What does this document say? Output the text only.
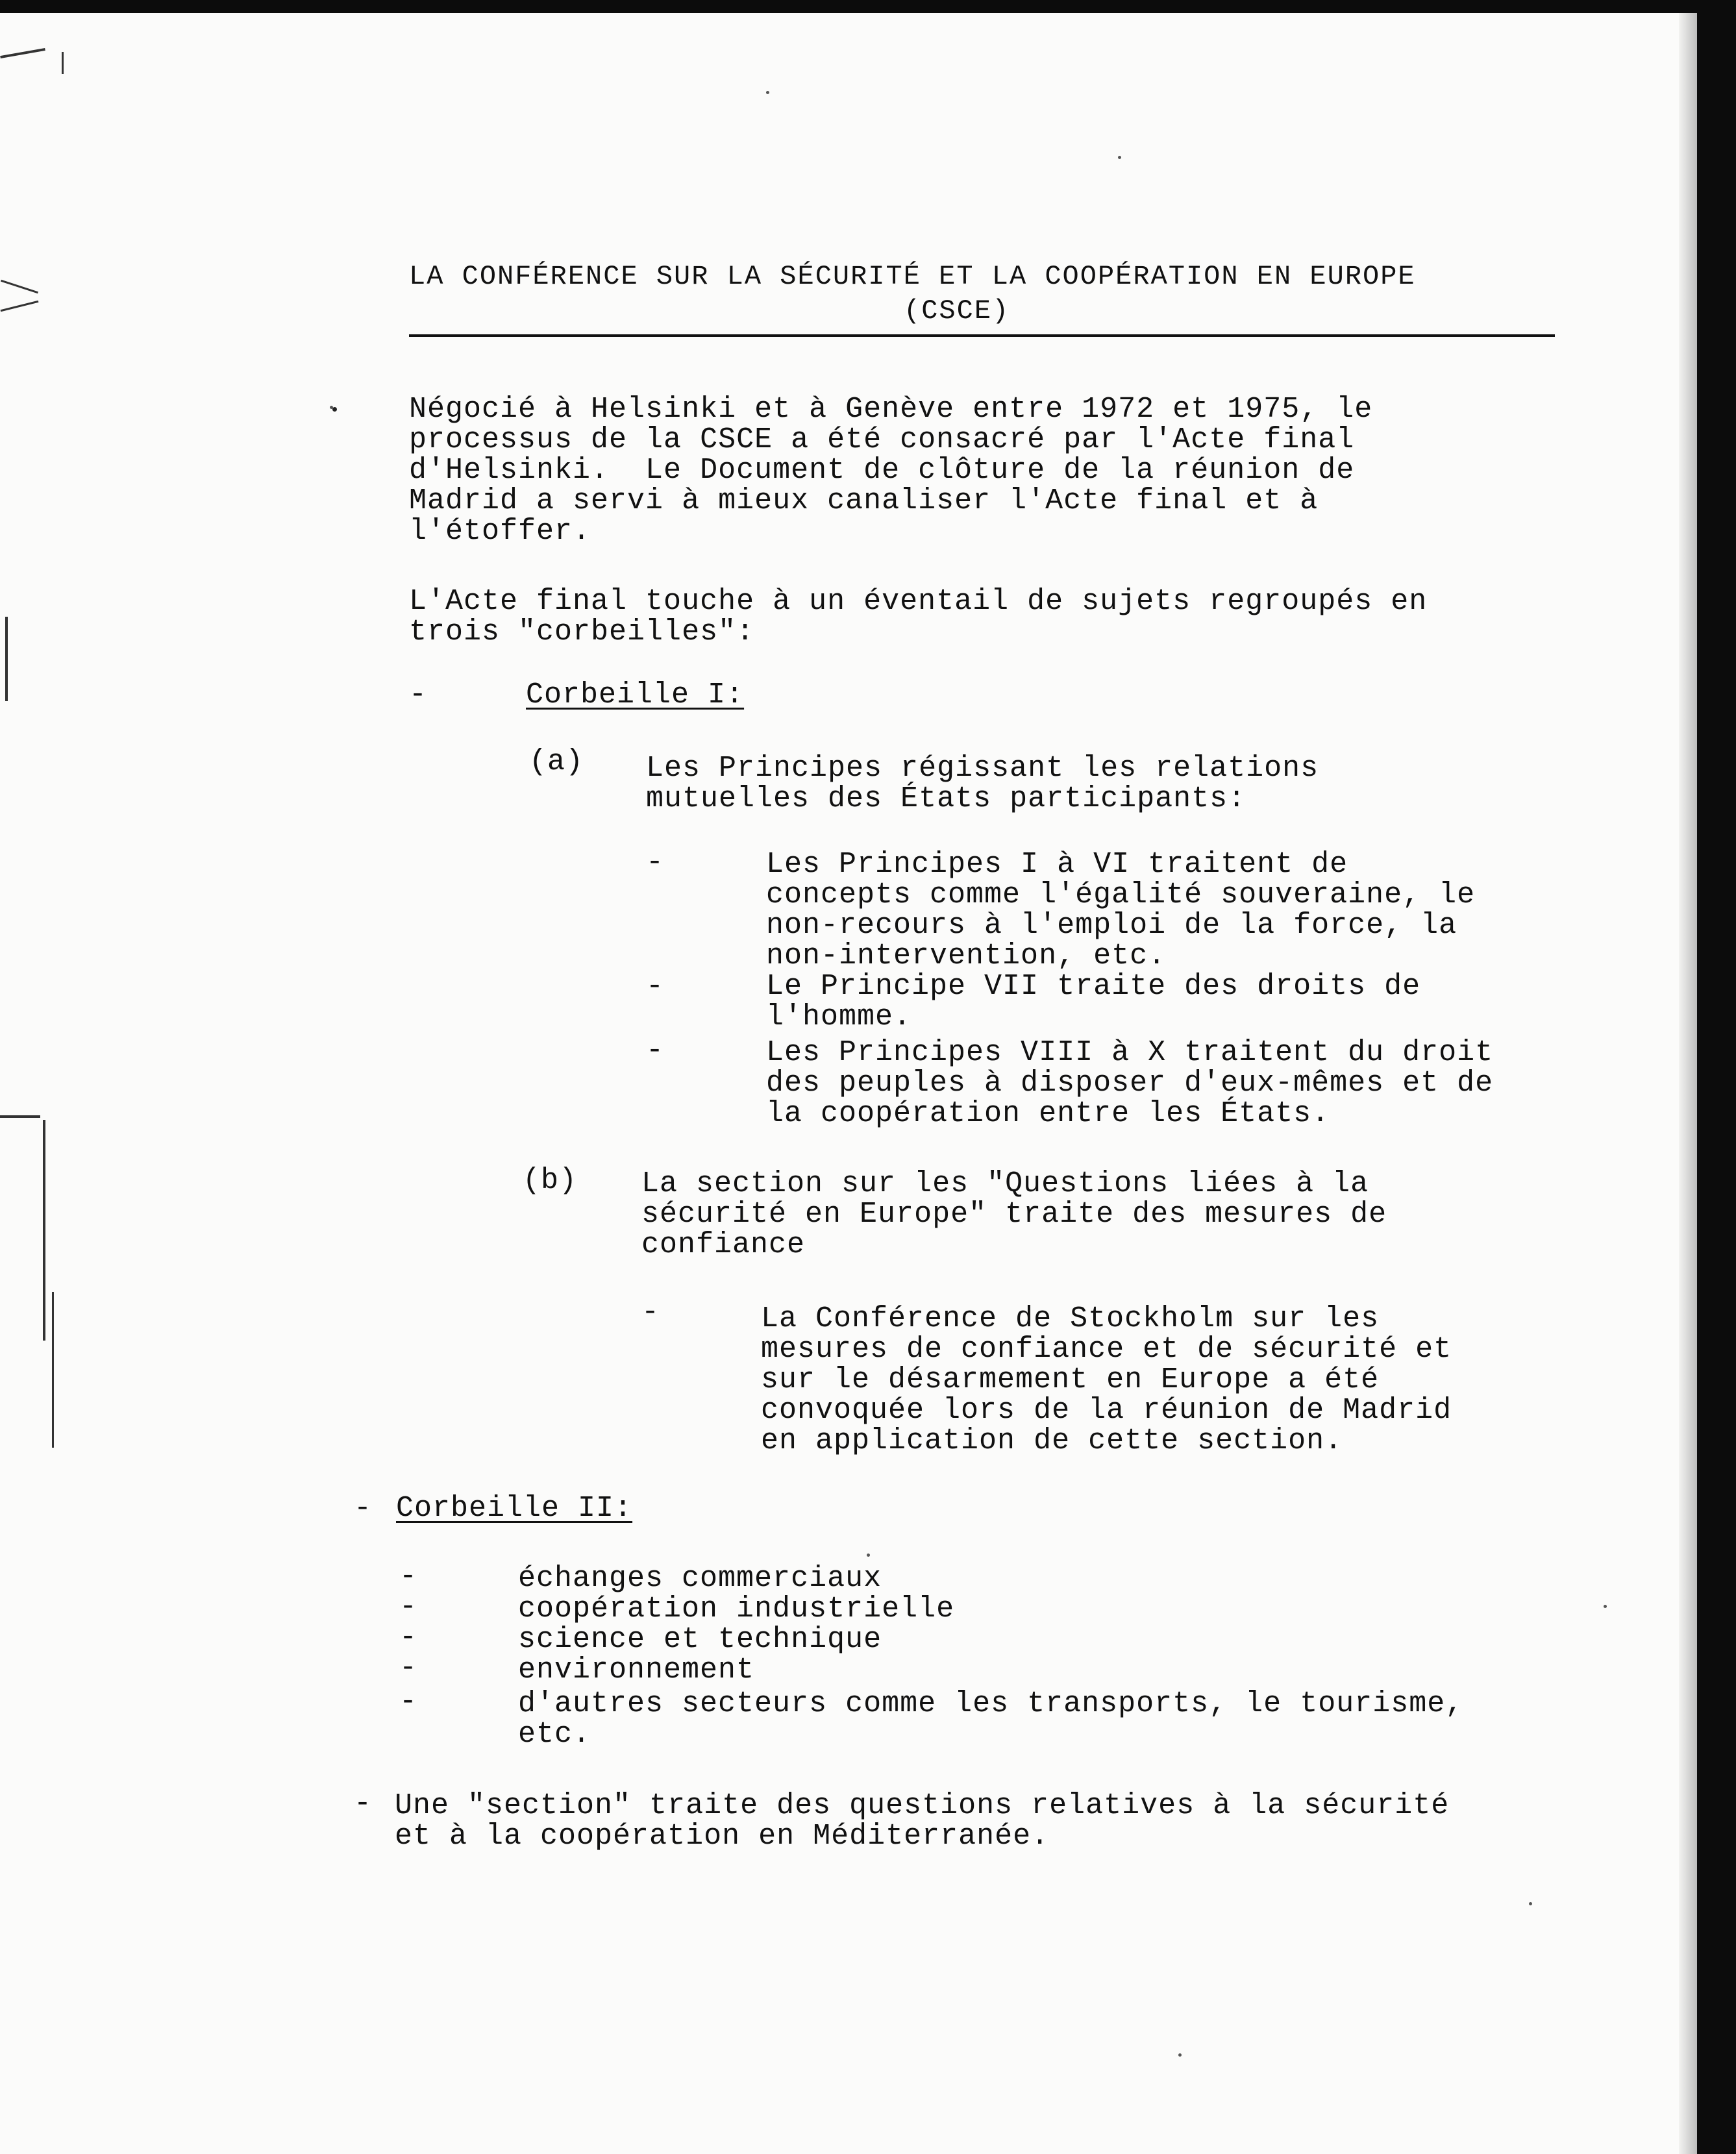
LA CONFÉRENCE SUR LA SÉCURITÉ ET LA COOPÉRATION EN EUROPE
(CSCE)
Négocié à Helsinki et à Genève entre 1972 et 1975, le
processus de la CSCE a été consacré par l'Acte final
d'Helsinki.  Le Document de clôture de la réunion de
Madrid a servi à mieux canaliser l'Acte final et à
l'étoffer.
L'Acte final touche à un éventail de sujets regroupés en
trois "corbeilles":
-	Corbeille I:
(a) Les Principes régissant les relations
mutuelles des États participants:
-	Les Principes I à VI traitent de
concepts comme l'égalité souveraine, le
non-recours à l'emploi de la force, la
non-intervention, etc.
-	Le Principe VII traite des droits de
l'homme.
-	Les Principes VIII à X traitent du droit
des peuples à disposer d'eux-mêmes et de
la coopération entre les États.
(b) La section sur les "Questions liées à la
sécurité en Europe" traite des mesures de
confiance
-	La Conférence de Stockholm sur les
mesures de confiance et de sécurité et
sur le désarmement en Europe a été
convoquée lors de la réunion de Madrid
en application de cette section.
- Corbeille II:
-	échanges commerciaux
-	coopération industrielle
-	science et technique
-	environnement
-	d'autres secteurs comme les transports, le tourisme,
etc.
- Une "section" traite des questions relatives à la sécurité
et à la coopération en Méditerranée.
